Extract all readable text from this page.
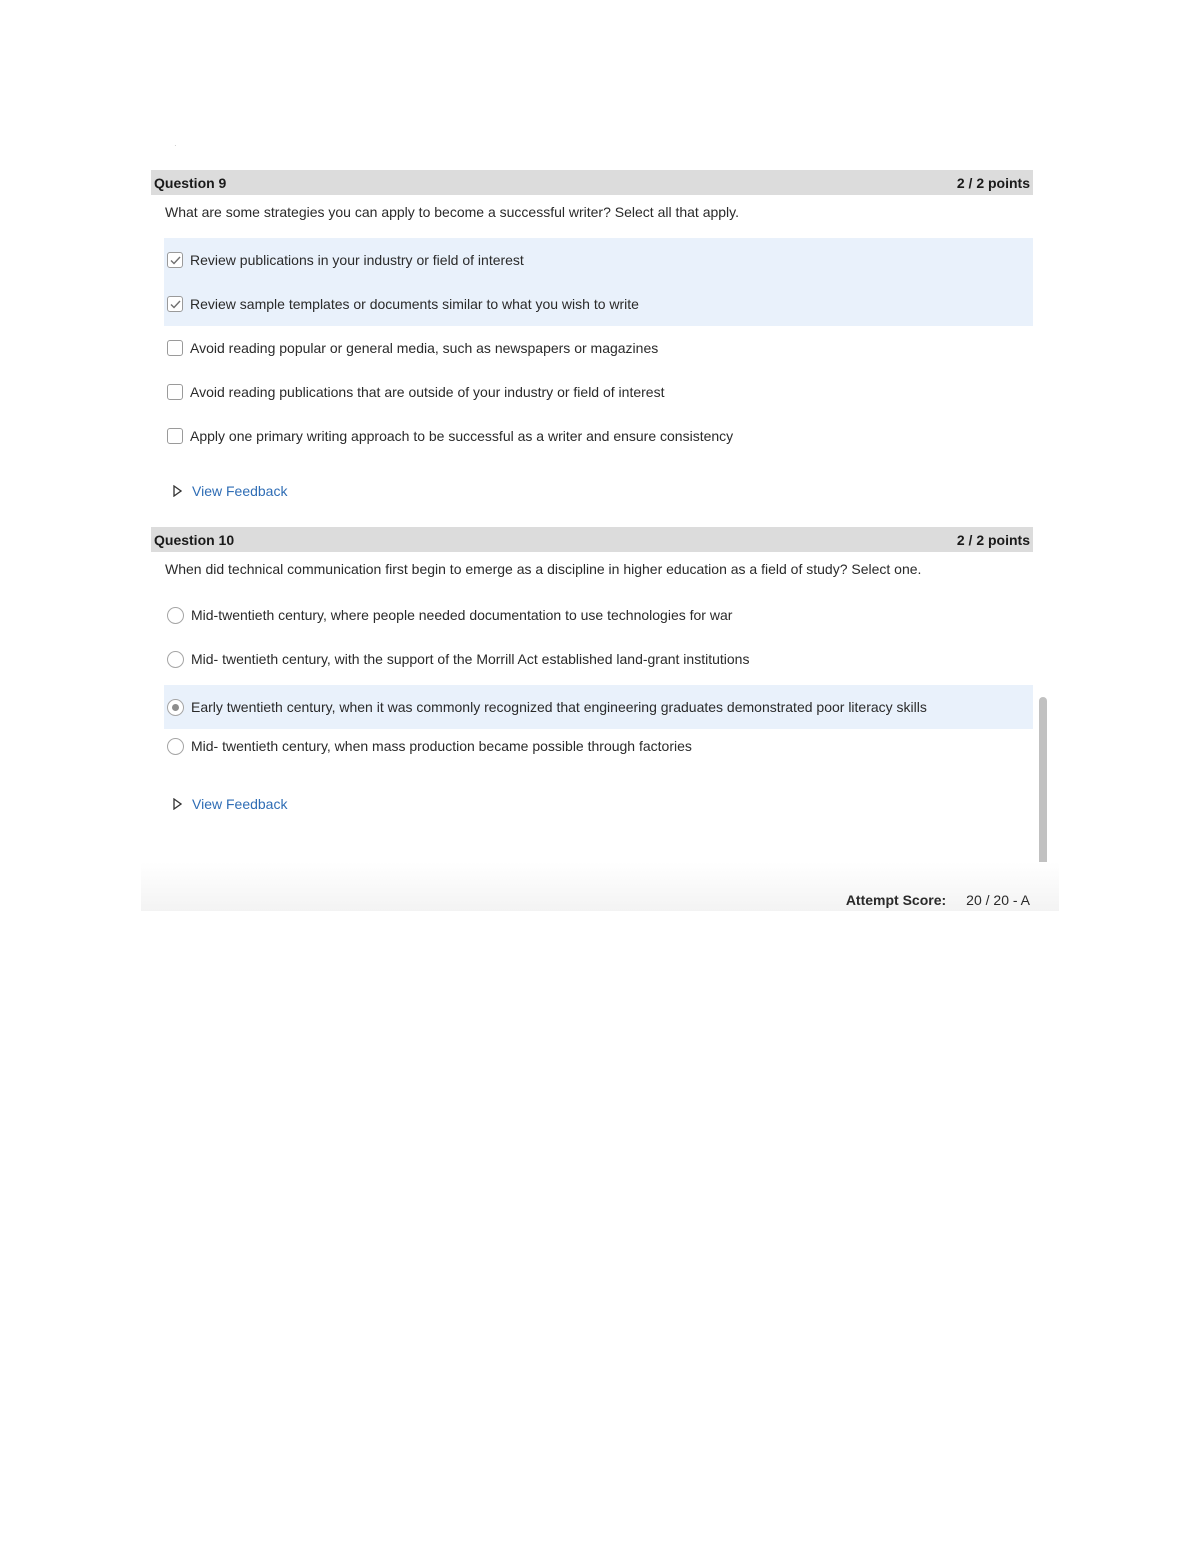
·
Question 9	2 / 2 points
What are some strategies you can apply to become a successful writer? Select all that apply.
Review publications in your industry or field of interest
Review sample templates or documents similar to what you wish to write
Avoid reading popular or general media, such as newspapers or magazines
Avoid reading publications that are outside of your industry or field of interest
Apply one primary writing approach to be successful as a writer and ensure consistency
View Feedback
Question 10	2 / 2 points
When did technical communication first begin to emerge as a discipline in higher education as a field of study? Select one.
Mid-twentieth century, where people needed documentation to use technologies for war
Mid- twentieth century, with the support of the Morrill Act established land-grant institutions
Early twentieth century, when it was commonly recognized that engineering graduates demonstrated poor literacy skills
Mid- twentieth century, when mass production became possible through factories
View Feedback
Attempt Score: 20 / 20 - A
